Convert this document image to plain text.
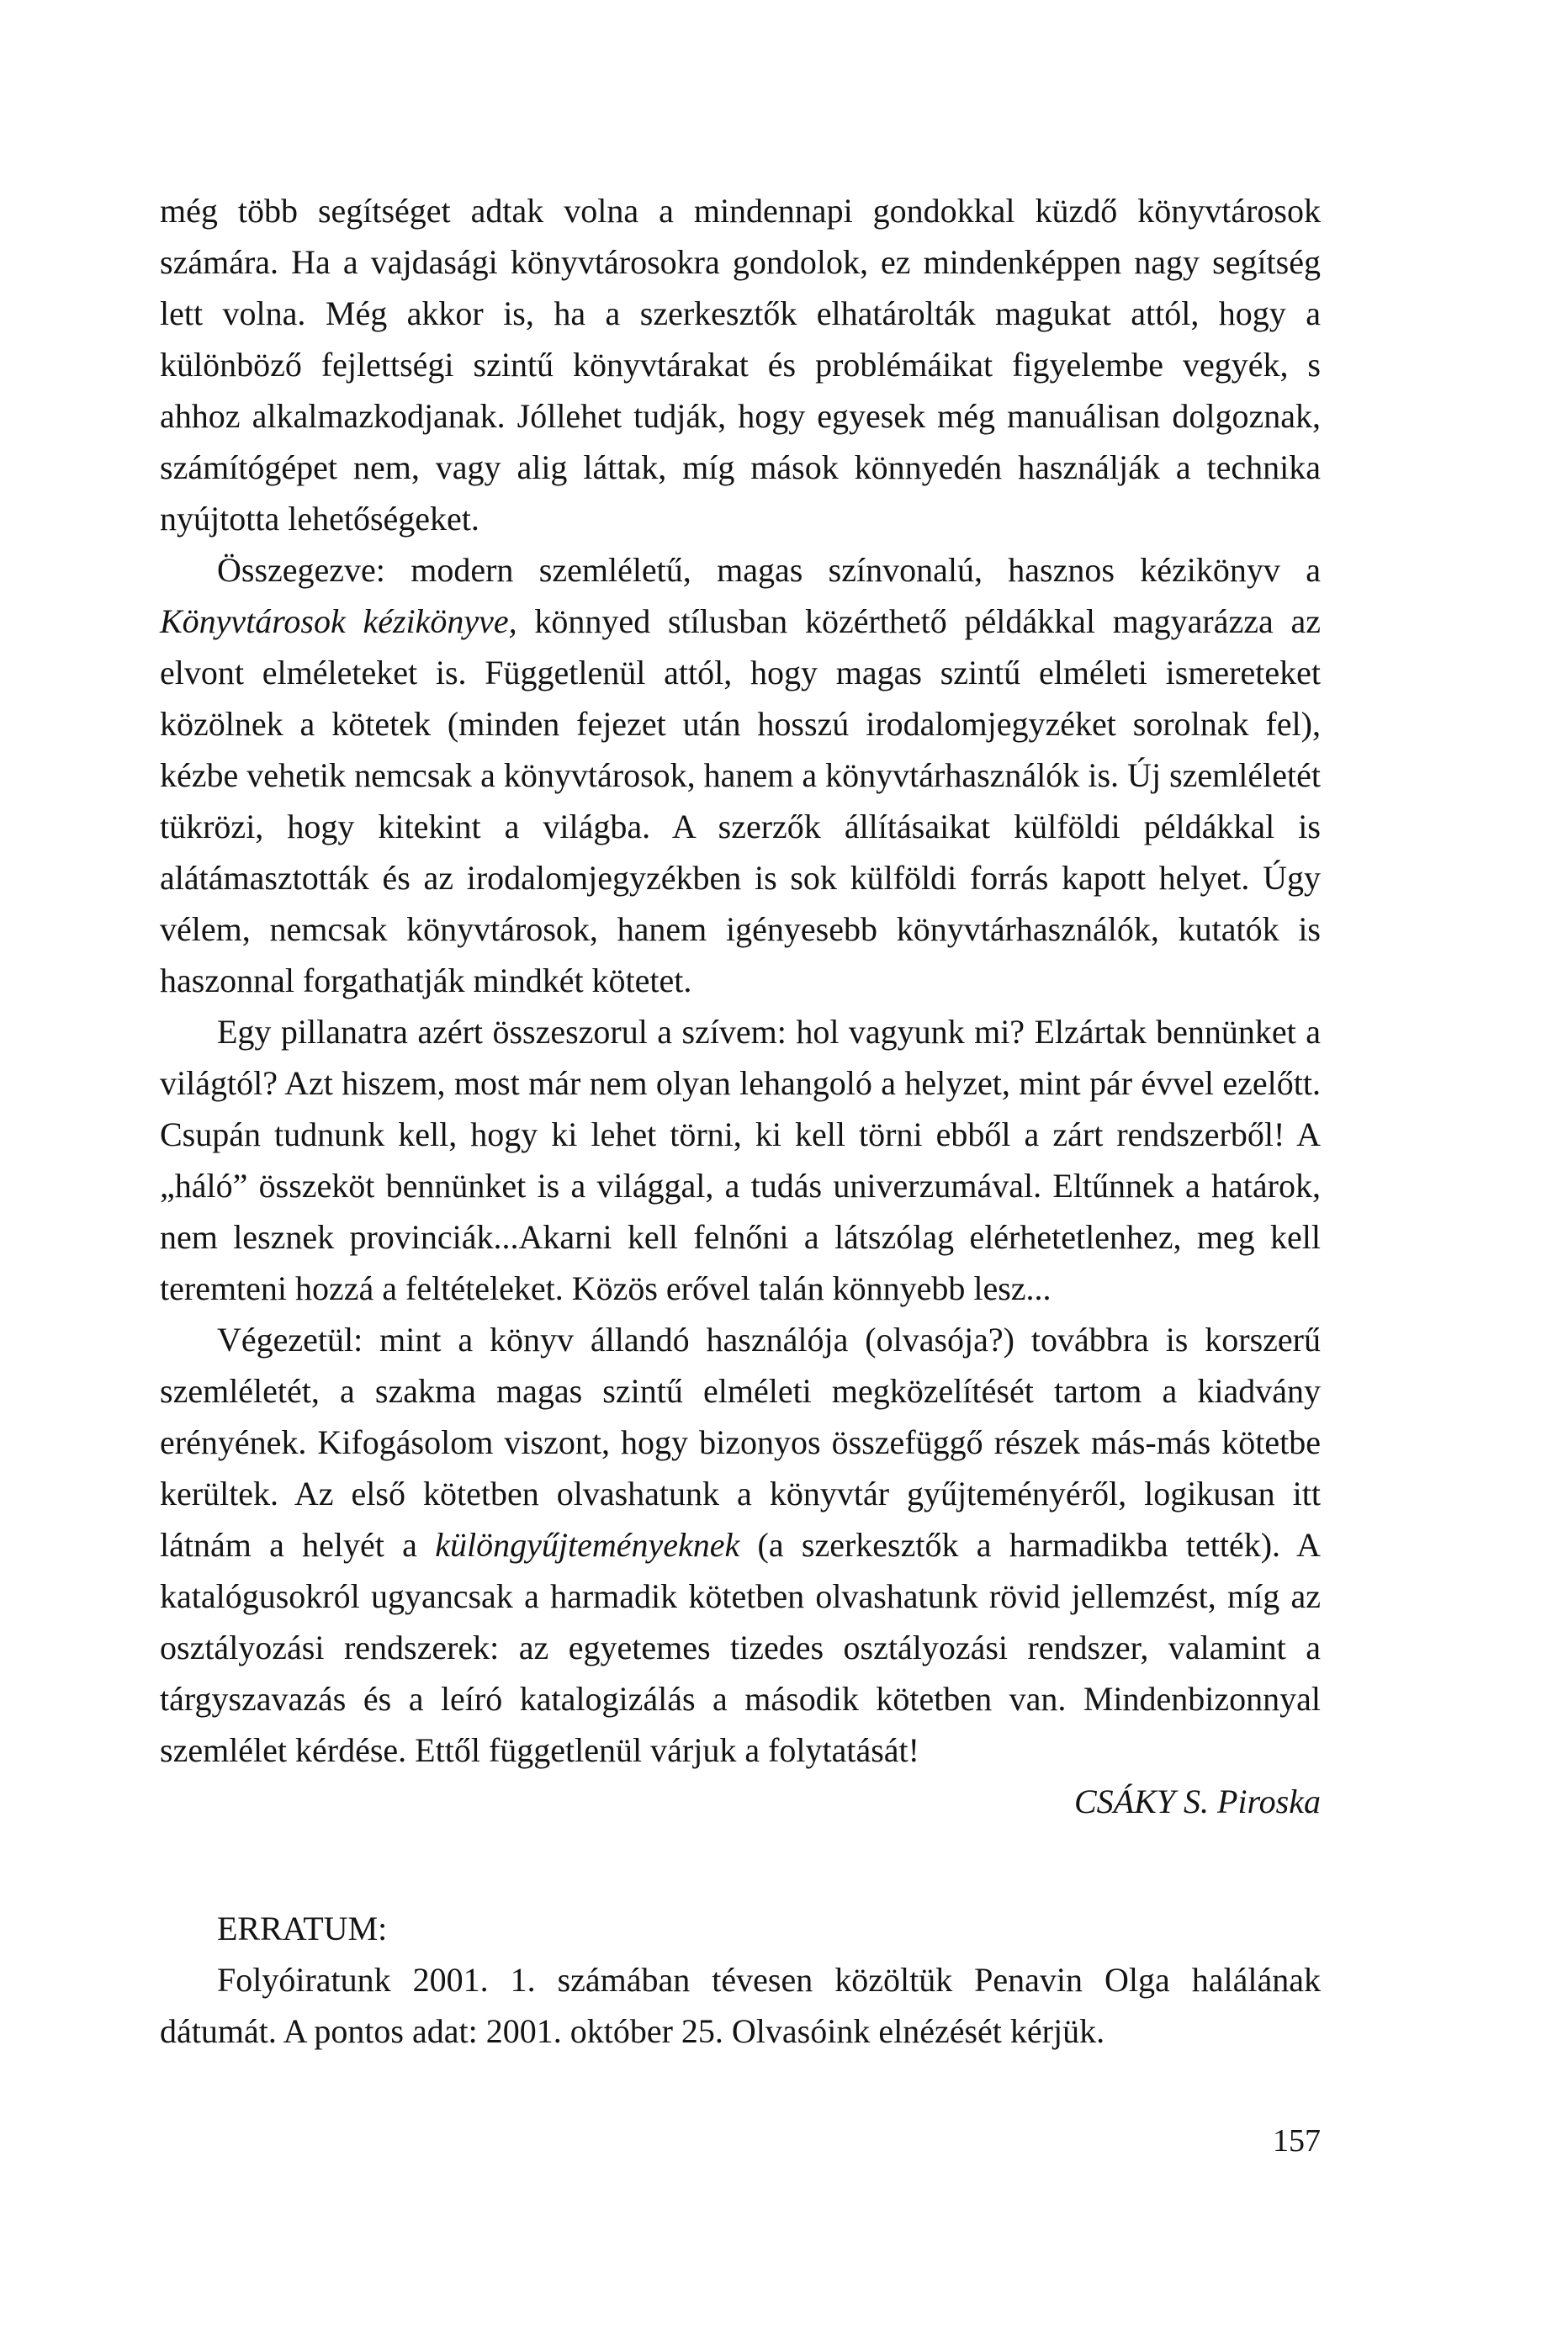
még több segítséget adtak volna a mindennapi gondokkal küzdő könyvtárosok számára. Ha a vajdasági könyvtárosokra gondolok, ez mindenképpen nagy segítség lett volna. Még akkor is, ha a szerkesztők elhatárolták magukat attól, hogy a különböző fejlettségi szintű könyvtárakat és problémáikat figyelembe vegyék, s ahhoz alkalmazkodjanak. Jóllehet tudják, hogy egyesek még manuálisan dolgoznak, számítógépet nem, vagy alig láttak, míg mások könnyedén használják a technika nyújtotta lehetőségeket.

Összegezve: modern szemléletű, magas színvonalú, hasznos kézikönyv a Könyvtárosok kézikönyve, könnyed stílusban közérthető példákkal magyarázza az elvont elméleteket is. Függetlenül attól, hogy magas szintű elméleti ismereteket közölnek a kötetek (minden fejezet után hosszú irodalomjegyzéket sorolnak fel), kézbe vehetik nemcsak a könyvtárosok, hanem a könyvtárhasználók is. Új szemléletét tükrözi, hogy kitekint a világba. A szerzők állításaikat külföldi példákkal is alátámasztották és az irodalomjegyzékben is sok külföldi forrás kapott helyet. Úgy vélem, nemcsak könyvtárosok, hanem igényesebb könyvtárhasználók, kutatók is haszonnal forgathatják mindkét kötetet.

Egy pillanatra azért összeszorul a szívem: hol vagyunk mi? Elzártak bennünket a világtól? Azt hiszem, most már nem olyan lehangoló a helyzet, mint pár évvel ezelőtt. Csupán tudnunk kell, hogy ki lehet törni, ki kell törni ebből a zárt rendszerből! A „háló” összeköt bennünket is a világgal, a tudás univerzumával. Eltűnnek a határok, nem lesznek provinciák...Akarni kell felnőni a látszólag elérhetetlenhez, meg kell teremteni hozzá a feltételeket. Közös erővel talán könnyebb lesz...

Végezetül: mint a könyv állandó használója (olvasója?) továbbra is korszerű szemléletét, a szakma magas szintű elméleti megközelítését tartom a kiadvány erényének. Kifogásolom viszont, hogy bizonyos összefüggő részek más-más kötetbe kerültek. Az első kötetben olvashatunk a könyvtár gyűjteményéről, logikusan itt látnám a helyét a különgyűjteményeknek (a szerkesztők a harmadikba tették). A katalógusokról ugyancsak a harmadik kötetben olvashatunk rövid jellemzést, míg az osztályozási rendszerek: az egyetemes tizedes osztályozási rendszer, valamint a tárgyszavazás és a leíró katalogizálás a második kötetben van. Mindenbizonnyal szemlélet kérdése. Ettől függetlenül várjuk a folytatását!

CSÁKY S. Piroska

ERRATUM:

Folyóiratunk 2001. 1. számában tévesen közöltük Penavin Olga halálának dátumát. A pontos adat: 2001. október 25. Olvasóink elnézését kérjük.

157
